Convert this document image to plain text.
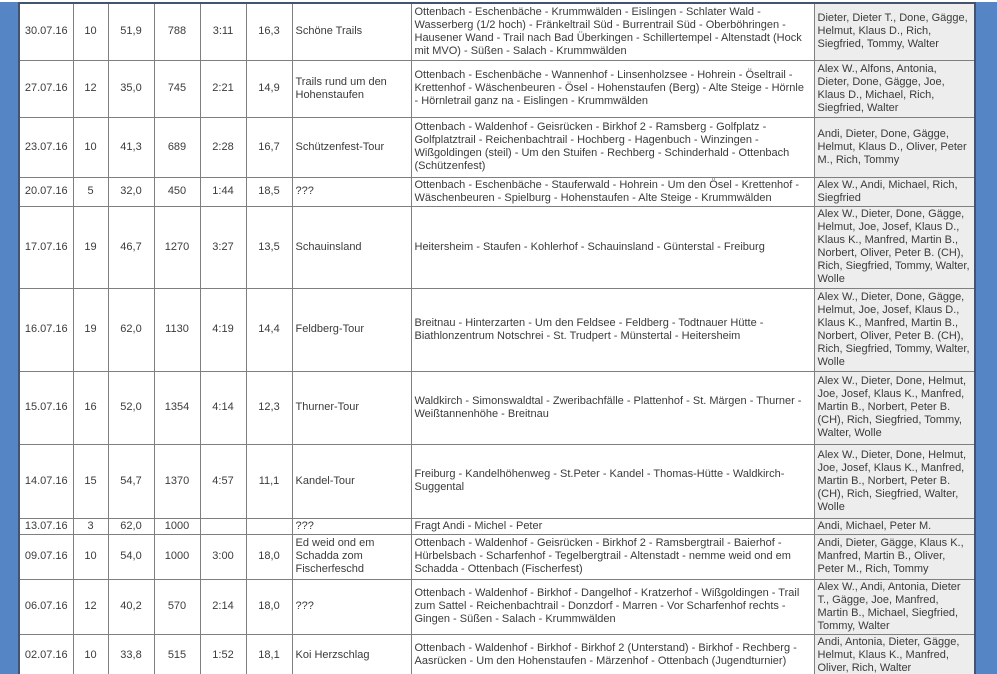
30.07.16	10	51,9	788	3:11	16,3	Schöne Trails	Ottenbach - Eschenbäche - Krummwälden - Eislingen - Schlater Wald - Wasserberg (1/2 hoch) - Fränkeltrail Süd - Burrentrail Süd - Oberböhringen - Hausener Wand - Trail nach Bad Überkingen - Schillertempel - Altenstadt (Hock mit MVO) - Süßen - Salach - Krummwälden	Dieter, Dieter T., Done, Gägge, Helmut, Klaus D., Rich, Siegfried, Tommy, Walter
27.07.16	12	35,0	745	2:21	14,9	Trails rund um den Hohenstaufen	Ottenbach - Eschenbäche - Wannenhof - Linsenholzsee - Hohrein - Öseltrail - Krettenhof - Wäschenbeuren - Ösel - Hohenstaufen (Berg) - Alte Steige - Hörnle - Hörnletrail ganz na - Eislingen - Krummwälden	Alex W., Alfons, Antonia, Dieter, Done, Gägge, Joe, Klaus D., Michael, Rich, Siegfried, Walter
23.07.16	10	41,3	689	2:28	16,7	Schützenfest-Tour	Ottenbach - Waldenhof - Geisrücken - Birkhof 2 - Ramsberg - Golfplatz - Golfplatztrail - Reichenbachtrail - Hochberg - Hagenbuch - Winzingen - Wißgoldingen (steil) - Um den Stuifen - Rechberg - Schinderhald - Ottenbach (Schützenfest)	Andi, Dieter, Done, Gägge, Helmut, Klaus D., Oliver, Peter M., Rich, Tommy
20.07.16	5	32,0	450	1:44	18,5	???	Ottenbach - Eschenbäche - Stauferwald - Hohrein - Um den Ösel - Krettenhof - Wäschenbeuren - Spielburg - Hohenstaufen - Alte Steige - Krummwälden	Alex W., Andi, Michael, Rich, Siegfried
17.07.16	19	46,7	1270	3:27	13,5	Schauinsland	Heitersheim - Staufen - Kohlerhof - Schauinsland - Günterstal - Freiburg	Alex W., Dieter, Done, Gägge, Helmut, Joe, Josef, Klaus D., Klaus K., Manfred, Martin B., Norbert, Oliver, Peter B. (CH), Rich, Siegfried, Tommy, Walter, Wolle
16.07.16	19	62,0	1130	4:19	14,4	Feldberg-Tour	Breitnau - Hinterzarten - Um den Feldsee - Feldberg - Todtnauer Hütte - Biathlonzentrum Notschrei - St. Trudpert - Münstertal - Heitersheim	Alex W., Dieter, Done, Gägge, Helmut, Joe, Josef, Klaus D., Klaus K., Manfred, Martin B., Norbert, Oliver, Peter B. (CH), Rich, Siegfried, Tommy, Walter, Wolle
15.07.16	16	52,0	1354	4:14	12,3	Thurner-Tour	Waldkirch - Simonswaldtal - Zweribachfälle - Plattenhof - St. Märgen - Thurner - Weißtannenhöhe - Breitnau	Alex W., Dieter, Done, Helmut, Joe, Josef, Klaus K., Manfred, Martin B., Norbert, Peter B. (CH), Rich, Siegfried, Tommy, Walter, Wolle
14.07.16	15	54,7	1370	4:57	11,1	Kandel-Tour	Freiburg - Kandelhöhenweg - St.Peter - Kandel - Thomas-Hütte - Waldkirch-Suggental	Alex W., Dieter, Done, Helmut, Joe, Josef, Klaus K., Manfred, Martin B., Norbert, Peter B. (CH), Rich, Siegfried, Walter, Wolle
13.07.16	3	62,0	1000			???	Fragt Andi - Michel - Peter	Andi, Michael, Peter M.
09.07.16	10	54,0	1000	3:00	18,0	Ed weid ond em Schadda zom Fischerfeschd	Ottenbach - Waldenhof - Geisrücken - Birkhof 2 - Ramsbergtrail - Baierhof - Hürbelsbach - Scharfenhof - Tegelbergtrail - Altenstadt - nemme weid ond em Schadda - Ottenbach (Fischerfest)	Andi, Dieter, Gägge, Klaus K., Manfred, Martin B., Oliver, Peter M., Rich, Tommy
06.07.16	12	40,2	570	2:14	18,0	???	Ottenbach - Waldenhof - Birkhof - Dangelhof - Kratzerhof - Wißgoldingen - Trail zum Sattel - Reichenbachtrail - Donzdorf - Marren - Vor Scharfenhof rechts - Gingen - Süßen - Salach - Krummwälden	Alex W., Andi, Antonia, Dieter T., Gägge, Joe, Manfred, Martin B., Michael, Siegfried, Tommy, Walter
02.07.16	10	33,8	515	1:52	18,1	Koi Herzschlag	Ottenbach - Waldenhof - Birkhof - Birkhof 2 (Unterstand) - Birkhof - Rechberg - Aasrücken - Um den Hohenstaufen - Märzenhof - Ottenbach (Jugendturnier)	Andi, Antonia, Dieter, Gägge, Helmut, Klaus K., Manfred, Oliver, Rich, Walter
